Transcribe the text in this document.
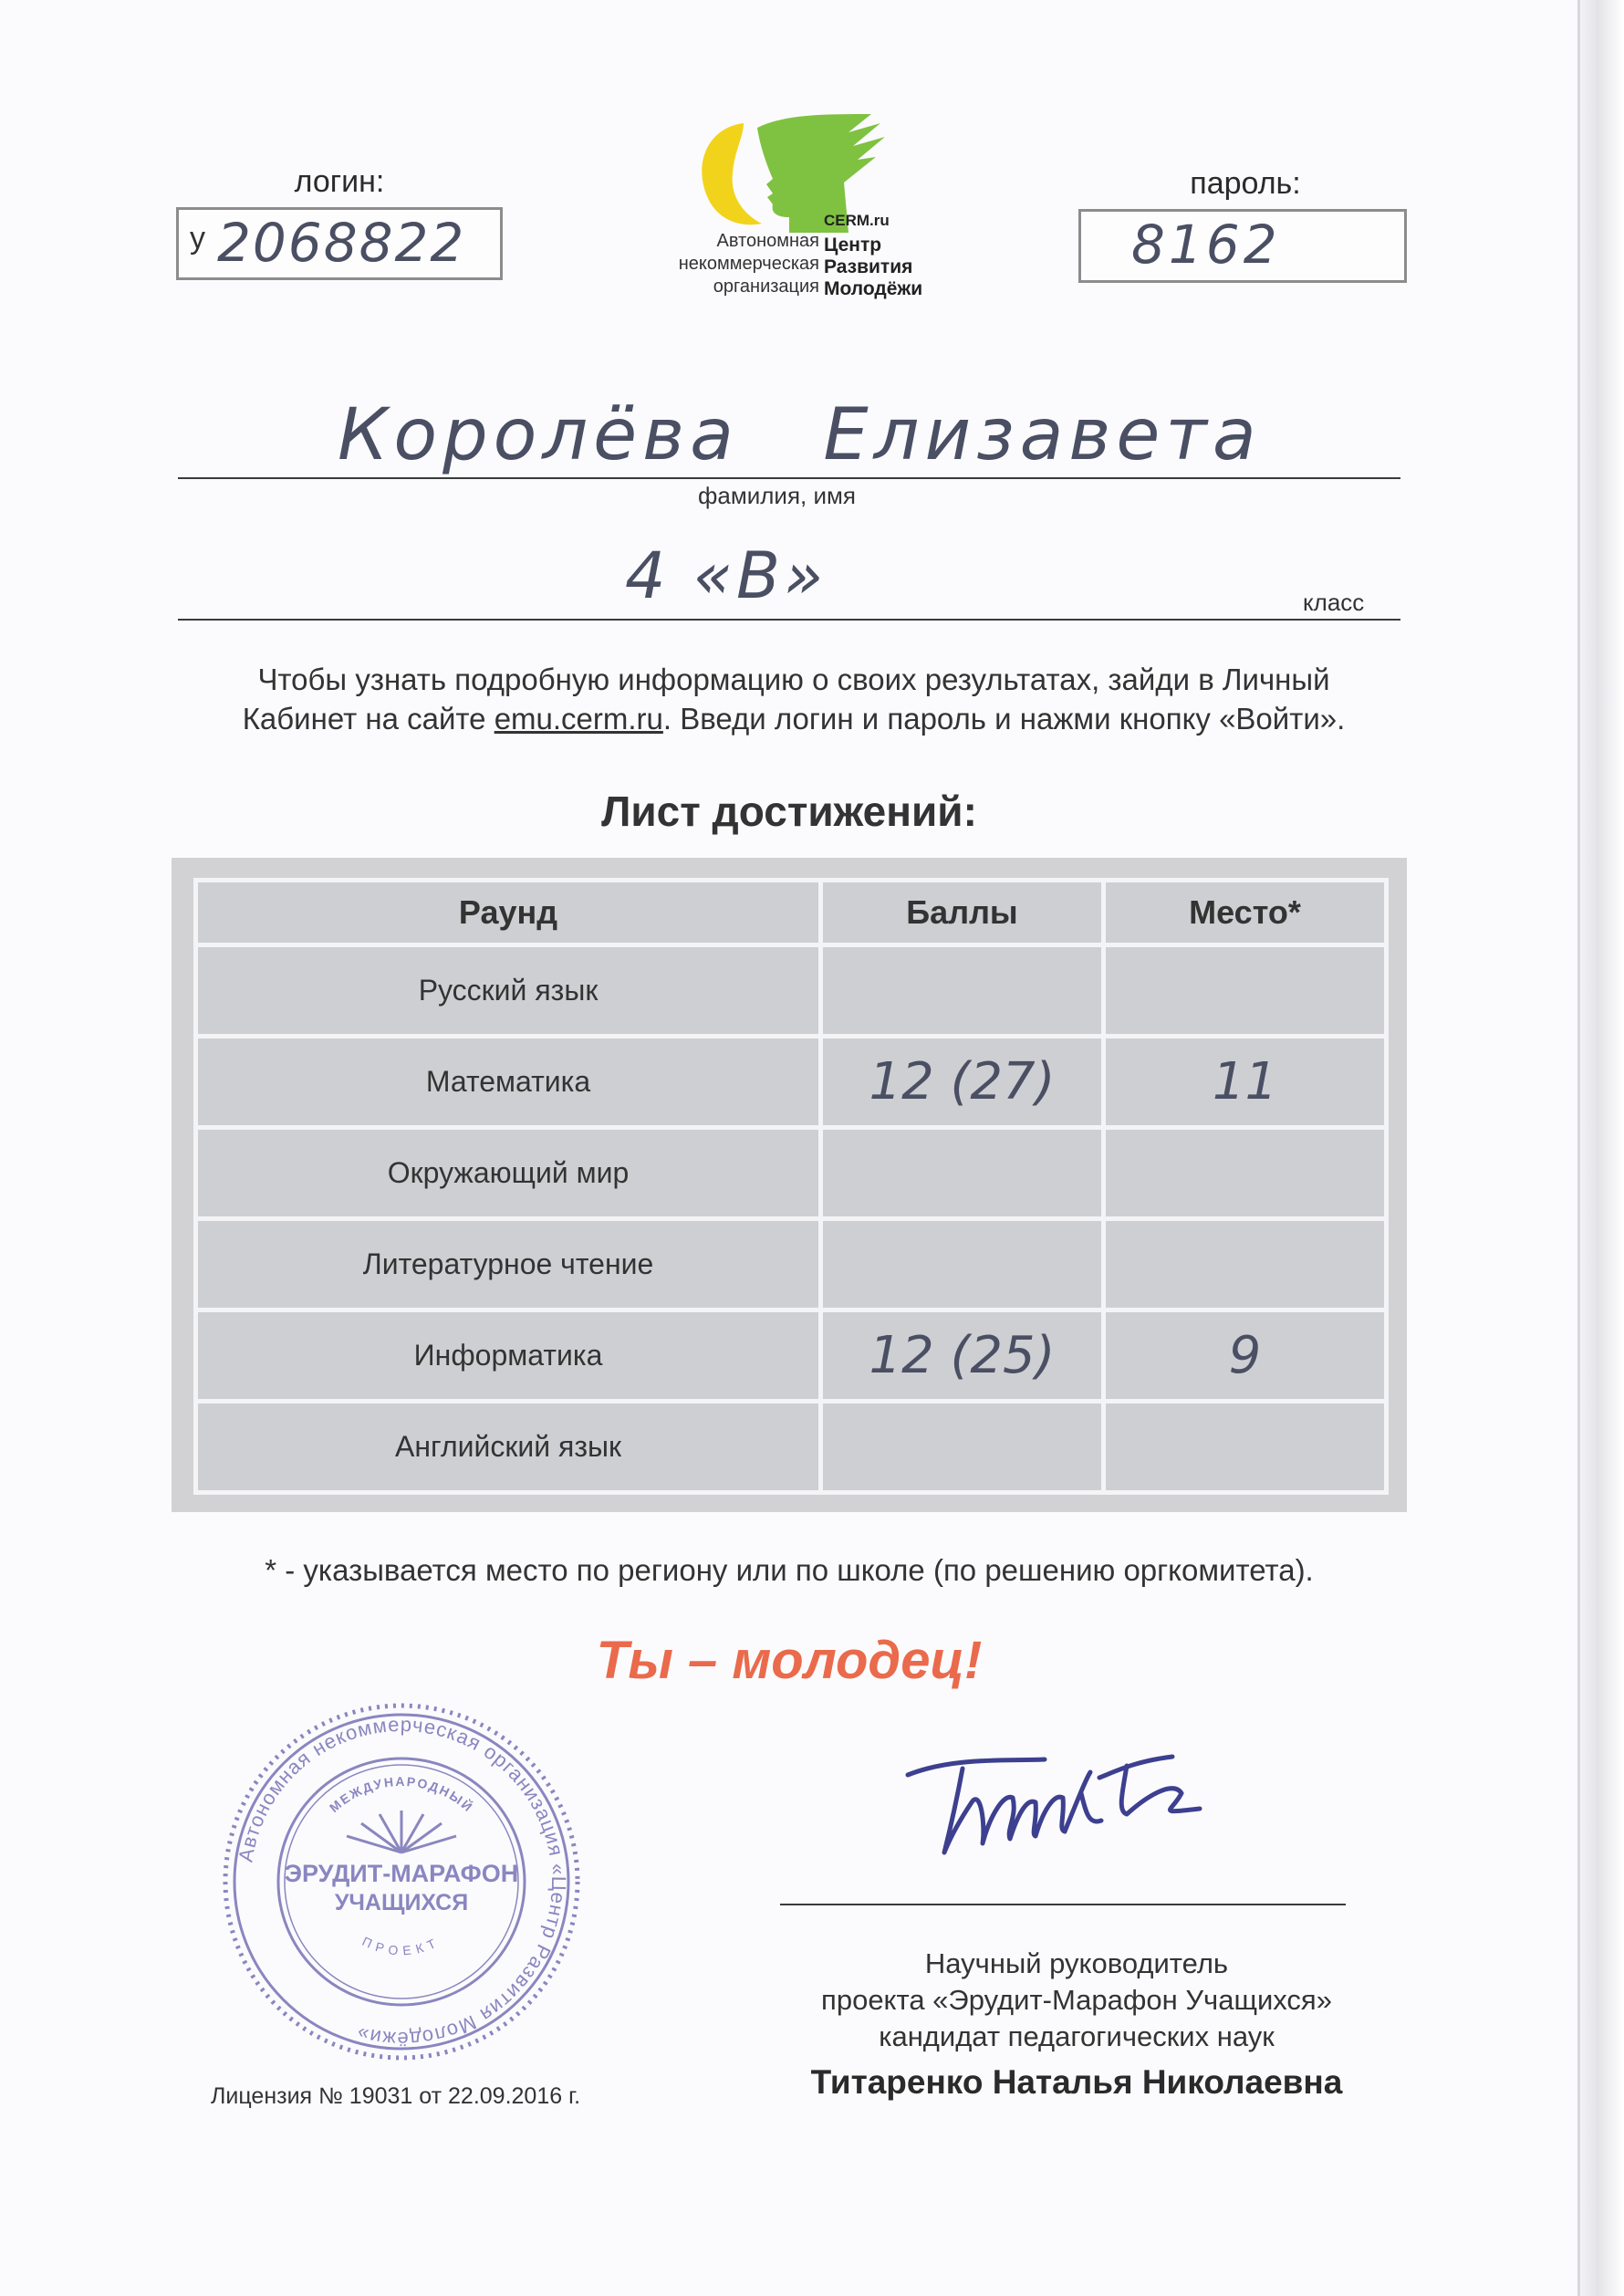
логин:
у 2068822
пароль:
8162
Автономная
некоммерческая
организация
CERM.ru
Центр
Развития
Молодёжи
Королёва   Елизавета
фамилия, имя
4 «В»	класс
Чтобы узнать подробную информацию о своих результатах, зайди в Личный
Кабинет на сайте emu.cerm.ru. Введи логин и пароль и нажми кнопку «Войти».
Лист достижений:
Раунд	Баллы	Место*
Русский язык		
Математика	12 (27)	11
Окружающий мир		
Литературное чтение		
Информатика	12 (25)	9
Английский язык		
* - указывается место по региону или по школе (по решению оргкомитета).
Ты – молодец!
Автономная некоммерческая организация «Центр Развития Молодёжи»
МЕЖДУНАРОДНЫЙ
ЭРУДИТ-МАРАФОН
УЧАЩИХСЯ
ПРОЕКТ
Лицензия № 19031 от 22.09.2016 г.
Научный руководитель
проекта «Эрудит-Марафон Учащихся»
кандидат педагогических наук
Титаренко Наталья Николаевна
